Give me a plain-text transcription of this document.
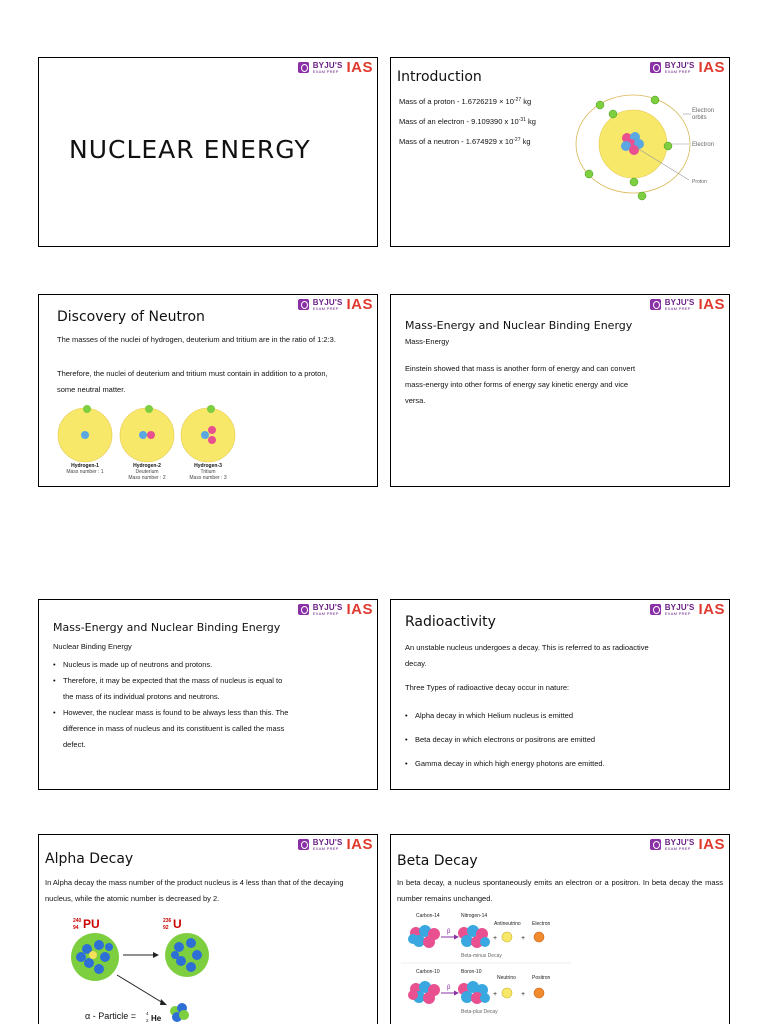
BYJU'S
EXAM PREP IAS
NUCLEAR ENERGY
BYJU'S
EXAM PREP IAS
Introduction
Mass of a proton - $1.6726219 \times 10^{-27}$ kg
Mass of an electron - 9.109390 x $10^{-31}$ kg
Mass of a neutron - 1.674929 x $10^{-27}$ kg
Electron orbits
Electron
Proton
BYJU'S
EXAM PREP IAS
Discovery of Neutron
The masses of the nuclei of hydrogen, deuterium and tritium are in the ratio of 1:2:3.
Therefore, the nuclei of deuterium and tritium must contain in addition to a proton, some neutral matter.
Hydrogen-1
Mass number : 1
Hydrogen-2
Deuterium
Mass number : 2
Hydrogen-3
Tritium
Mass number : 3
BYJU'S
EXAM PREP IAS
Mass-Energy and Nuclear Binding Energy
Mass-Energy
Einstein showed that mass is another form of energy and can convert mass-energy into other forms of energy say kinetic energy and vice versa.
BYJU'S
EXAM PREP IAS
Mass-Energy and Nuclear Binding Energy
Nuclear Binding Energy
• Nucleus is made up of neutrons and protons.
• Therefore, it may be expected that the mass of nucleus is equal to the mass of its individual protons and neutrons.
• However, the nuclear mass is found to be always less than this. The difference in mass of nucleus and its constituent is called the mass defect.
BYJU'S
EXAM PREP IAS
Radioactivity
An unstable nucleus undergoes a decay. This is referred to as radioactive decay.
Three Types of radioactive decay occur in nature:
• Alpha decay in which Helium nucleus is emitted
• Beta decay in which electrons or positrons are emitted
• Gamma decay in which high energy photons are emitted.
BYJU'S
EXAM PREP IAS
Alpha Decay
In Alpha decay the mass number of the product nucleus is 4 less than that of the decaying nucleus, while the atomic number is decreased by 2.
240
94 PU	236
92 U
α - Particle = 4
2 He
BYJU'S
EXAM PREP IAS
Beta Decay
In beta decay, a nucleus spontaneously emits an electron or a positron. In beta decay the mass number remains unchanged.
Carbon-14	Nitrogen-14
Antineutrino Electron
β
+	+
Beta-minus Decay
Carbon-10	Boron-10
Neutrino	Positron
β
+	+
Beta-plus Decay
